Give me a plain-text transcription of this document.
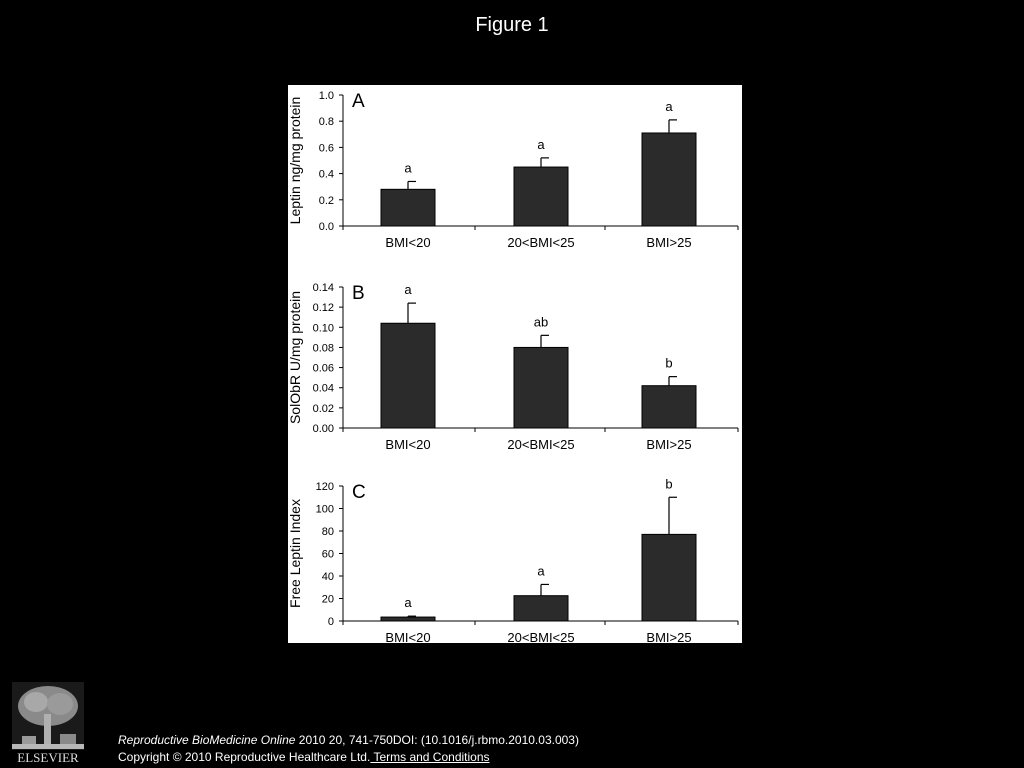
Figure 1
0.0
0.2
0.4
0.6
0.8
1.0
Leptin ng/mg protein	A
a
BMI<20
a
20<BMI<25
a
BMI>25
0.00
0.02
0.04
0.06
0.08
0.10
0.12
0.14
SolObR U/mg protein	B	a
BMI<20
ab
20<BMI<25
b
BMI>25
0
20
40
60
80
100
120
Free Leptin Index
C
a
BMI<20
a
20<BMI<25
b
BMI>25
ELSEVIER
Reproductive BioMedicine Online 2010 20, 741-750DOI: (10.1016/j.rbmo.2010.03.003)
Copyright © 2010 Reproductive Healthcare Ltd. Terms and Conditions
